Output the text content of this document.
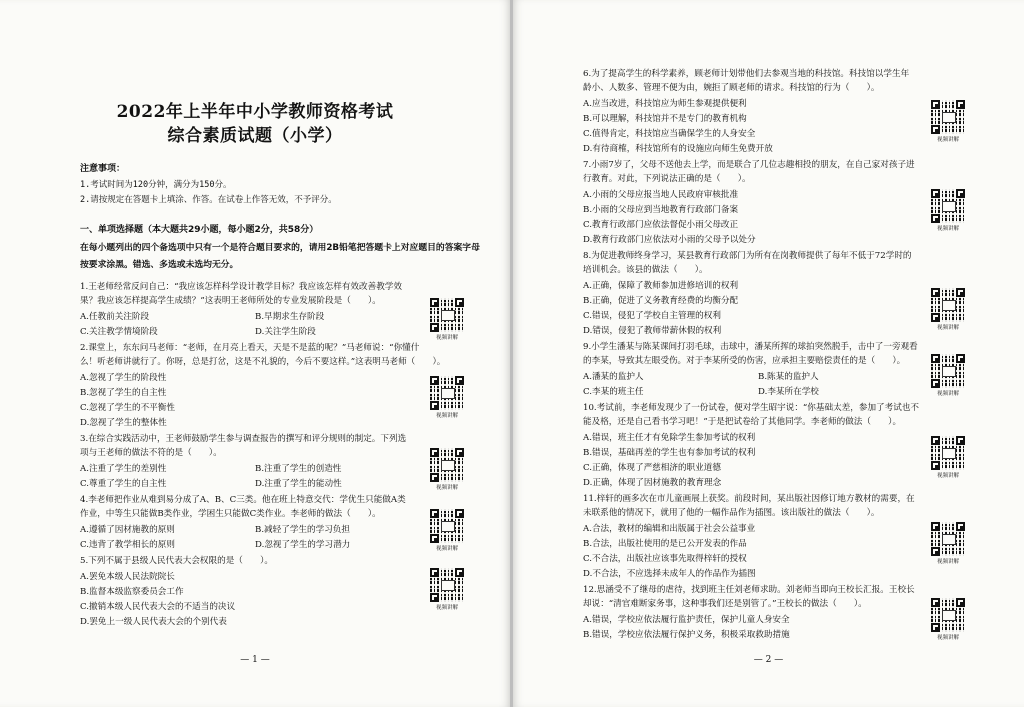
2022年上半年中小学教师资格考试
综合素质试题（小学）
注意事项：
1.考试时间为120分钟，满分为150分。
2.请按规定在答题卡上填涂、作答。在试卷上作答无效，不予评分。
一、单项选择题（本大题共29小题，每小题2分，共58分）
在每小题列出的四个备选项中只有一个是符合题目要求的，请用2B铅笔把答题卡上对应题目的答案字母按要求涂黑。错选、多选或未选均无分。
1.王老师经常反问自己：“我应该怎样科学设计教学目标？我应该怎样有效改善教学效
果？我应该怎样提高学生成绩？”这表明王老师所处的专业发展阶段是（　　）。
A.任教前关注阶段	B.早期求生存阶段
C.关注教学情境阶段	D.关注学生阶段
视频讲解
2.课堂上，东东问马老师：“老师，在月亮上看天，天是不是蓝的呢？”马老师说：“你懂什
么！听老师讲就行了。你呀，总是打岔，这是不礼貌的，今后不要这样。”这表明马老师（　　）。
A.忽视了学生的阶段性
B.忽视了学生的自主性
C.忽视了学生的不平衡性
D.忽视了学生的整体性
视频讲解
3.在综合实践活动中，王老师鼓励学生参与调查报告的撰写和评分规则的制定。下列选
项与王老师的做法不符的是（　　）。
A.注重了学生的差别性	B.注重了学生的创造性
C.尊重了学生的自主性	D.注重了学生的能动性	视频讲解
4.李老师把作业从难到易分成了A、B、C三类。他在班上特意交代：学优生只能做A类
作业，中等生只能做B类作业，学困生只能做C类作业。李老师的做法（　　）。
A.遵循了因材施教的原则	B.减轻了学生的学习负担
C.违背了教学相长的原则	D.忽视了学生的学习潜力	视频讲解
5.下列不属于县级人民代表大会权限的是（　　）。
A.罢免本级人民法院院长
B.监督本级监察委员会工作
C.撤销本级人民代表大会的不适当的决议
D.罢免上一级人民代表大会的个别代表
视频讲解
— 1 —
6.为了提高学生的科学素养，顾老师计划带他们去参观当地的科技馆。科技馆以学生年
龄小、人数多、管理不便为由，婉拒了顾老师的请求。科技馆的行为（　　）。
A.应当改进，科技馆应为师生参观提供便利
B.可以理解，科技馆并不是专门的教育机构
C.值得肯定，科技馆应当确保学生的人身安全
D.有待商榷，科技馆所有的设施应向师生免费开放
视频讲解
7.小雨7岁了，父母不送他去上学，而是联合了几位志趣相投的朋友，在自己家对孩子进
行教育。对此，下列说法正确的是（　　）。
A.小雨的父母应报当地人民政府审核批准
B.小雨的父母应到当地教育行政部门备案
C.教育行政部门应依法督促小雨父母改正
D.教育行政部门应依法对小雨的父母予以处分
视频讲解
8.为促进教师终身学习，某县教育行政部门为所有在岗教师提供了每年不低于72学时的
培训机会。该县的做法（　　）。
A.正确，保障了教师参加进修培训的权利
B.正确，促进了义务教育经费的均衡分配
C.错误，侵犯了学校自主管理的权利
D.错误，侵犯了教师带薪休假的权利	视频讲解
9.小学生潘某与陈某课间打羽毛球，击球中，潘某所挥的球拍突然脱手，击中了一旁观看
的李某，导致其左眼受伤。对于李某所受的伤害，应承担主要赔偿责任的是（　　）。
A.潘某的监护人	B.陈某的监护人
C.李某的班主任	D.李某所在学校	视频讲解
10.考试前，李老师发现少了一份试卷，便对学生昭宇说：“你基础太差，参加了考试也不
能及格，还是自己看书学习吧！”于是把试卷给了其他同学。李老师的做法（　　）。
A.错误，班主任才有免除学生参加考试的权利
B.错误，基础再差的学生也有参加考试的权利
C.正确，体现了严慈相济的职业道德
D.正确，体现了因材施教的教育理念
视频讲解
11.梓轩的画多次在市儿童画展上获奖。前段时间，某出版社因修订地方教材的需要，在
未联系他的情况下，就用了他的一幅作品作为插图。该出版社的做法（　　）。
A.合法，教材的编辑和出版属于社会公益事业
B.合法，出版社使用的是已公开发表的作品
C.不合法，出版社应该事先取得梓轩的授权
D.不合法，不应选择未成年人的作品作为插图
视频讲解
12.思涵受不了继母的虐待，找到班主任刘老师求助。刘老师当即向王校长汇报。王校长
却说：“清官难断家务事，这种事我们还是别管了。”王校长的做法（　　）。
A.错误，学校应依法履行监护责任，保护儿童人身安全
B.错误，学校应依法履行保护义务，积极采取救助措施	视频讲解
— 2 —
